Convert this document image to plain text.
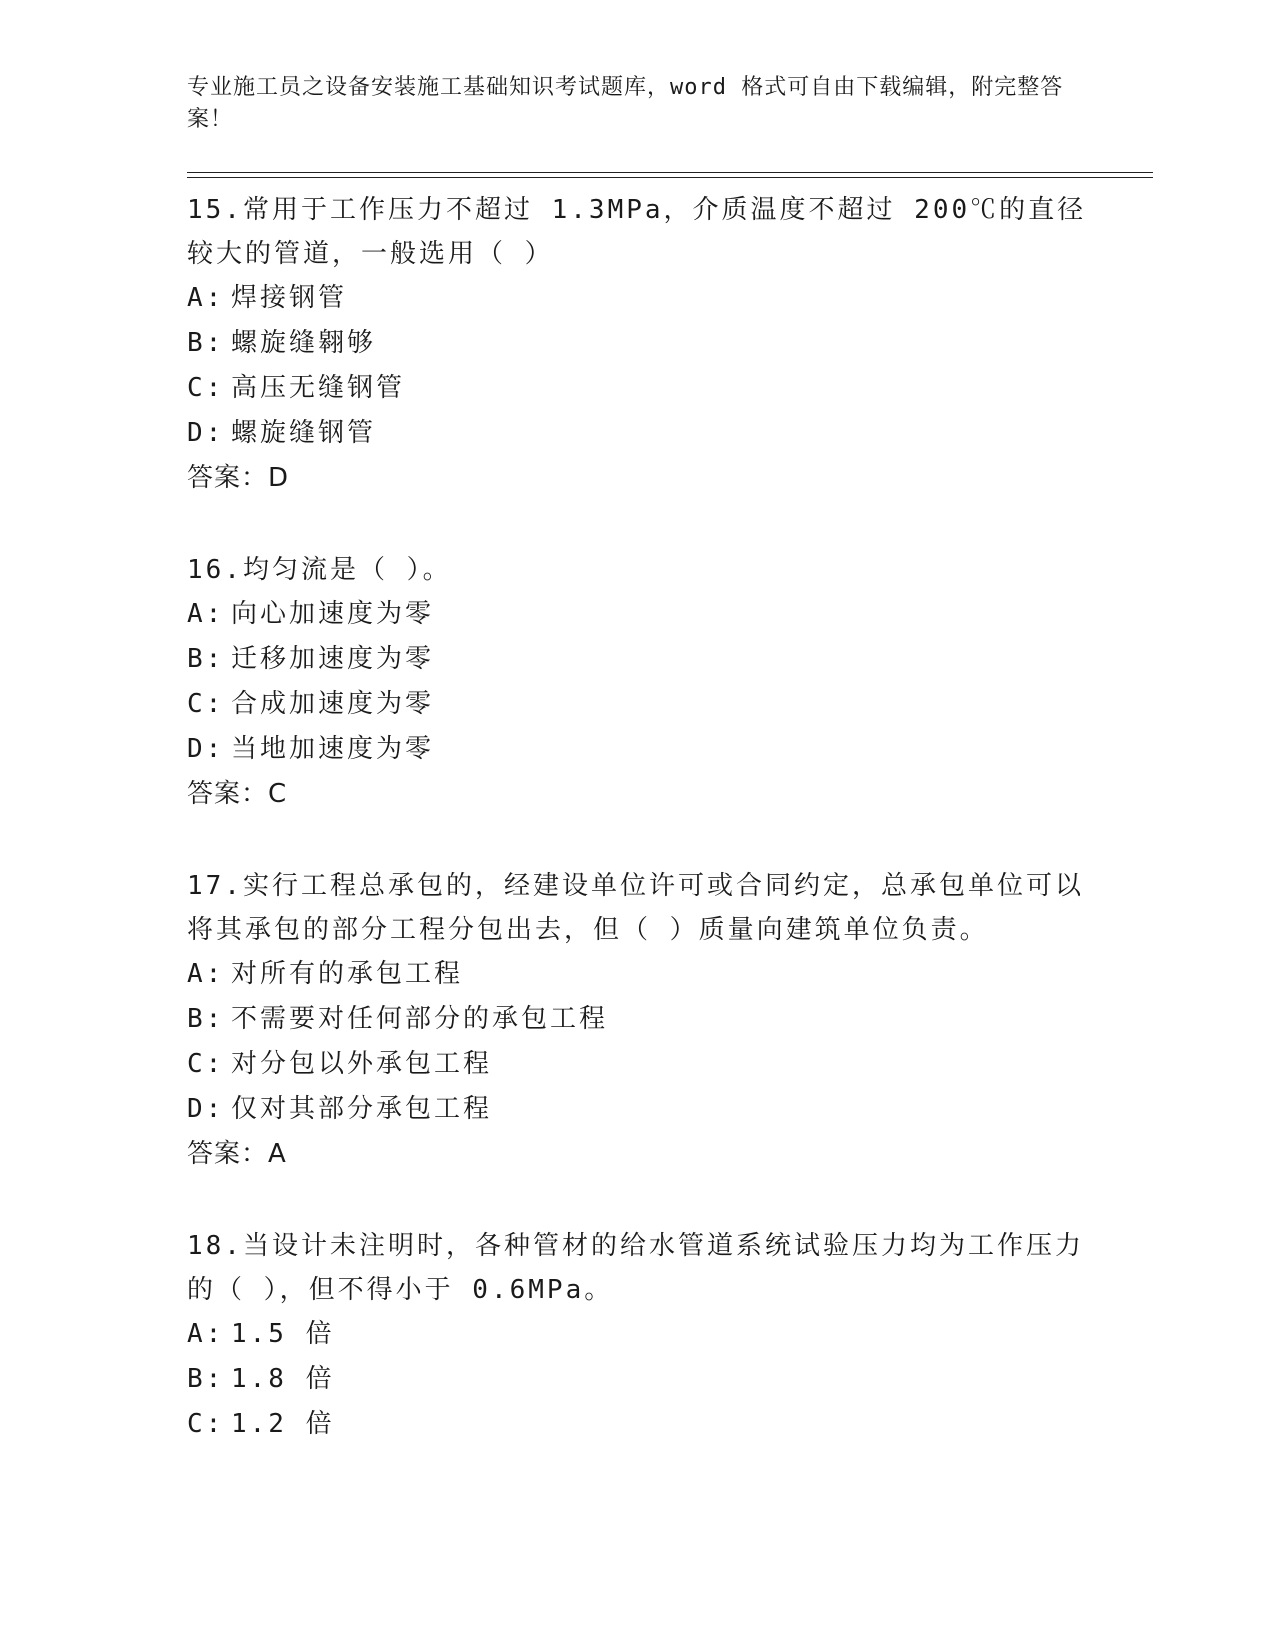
专业施工员之设备安装施工基础知识考试题库，word 格式可自由下载编辑，附完整答案！

15.常用于工作压力不超过 1.3MPa，介质温度不超过 200℃的直径较大的管道，一般选用（ ）

A: 焊接钢管

B: 螺旋缝翱够

C: 高压无缝钢管

D: 螺旋缝钢管

答案：D

16.均匀流是（ ）。

A: 向心加速度为零

B: 迁移加速度为零

C: 合成加速度为零

D: 当地加速度为零

答案：C

17.实行工程总承包的，经建设单位许可或合同约定，总承包单位可以将其承包的部分工程分包出去，但（ ）质量向建筑单位负责。

A: 对所有的承包工程

B: 不需要对任何部分的承包工程

C: 对分包以外承包工程

D: 仅对其部分承包工程

答案：A

18.当设计未注明时，各种管材的给水管道系统试验压力均为工作压力的（ ），但不得小于 0.6MPa。

A: 1.5 倍

B: 1.8 倍

C: 1.2 倍
